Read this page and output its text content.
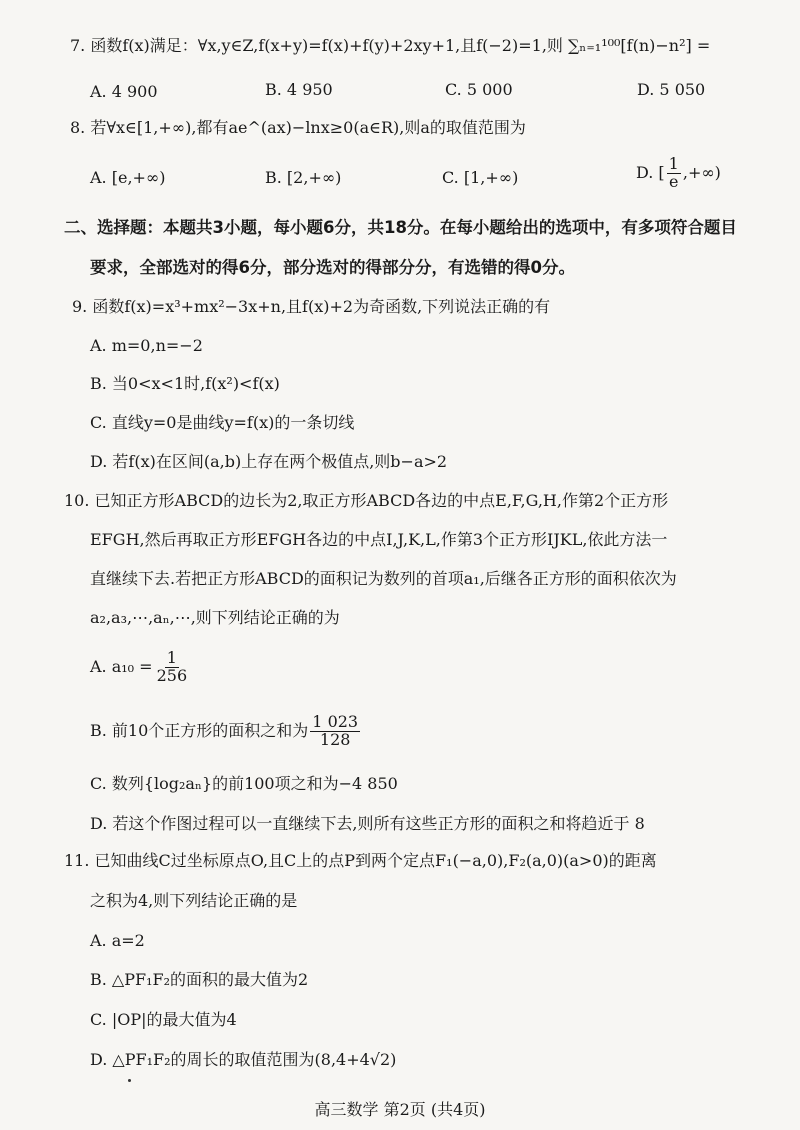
7. 函数f(x)满足：∀x,y∈Z,f(x+y)=f(x)+f(y)+2xy+1,且f(−2)=1,则 ∑ₙ₌₁¹⁰⁰[f(n)−n²] =
A. 4 900	B. 4 950	C. 5 000	D. 5 050
8. 若∀x∈[1,+∞),都有ae^(ax)−lnx≥0(a∈R),则a的取值范围为
A. [e,+∞)	B. [2,+∞)	C. [1,+∞)	D. [ $\frac{1}{e}$ ,+∞)
二、选择题：本题共3小题，每小题6分，共18分。在每小题给出的选项中，有多项符合题目
要求，全部选对的得6分，部分选对的得部分分，有选错的得0分。
9. 函数f(x)=x³+mx²−3x+n,且f(x)+2为奇函数,下列说法正确的有
A. m=0,n=−2
B. 当0<x<1时,f(x²)<f(x)
C. 直线y=0是曲线y=f(x)的一条切线
D. 若f(x)在区间(a,b)上存在两个极值点,则b−a>2
10. 已知正方形ABCD的边长为2,取正方形ABCD各边的中点E,F,G,H,作第2个正方形
EFGH,然后再取正方形EFGH各边的中点I,J,K,L,作第3个正方形IJKL,依此方法一
直继续下去.若把正方形ABCD的面积记为数列的首项a₁,后继各正方形的面积依次为
a₂,a₃,⋯,aₙ,⋯,则下列结论正确的为
A. $a_{10} = \frac{1}{256}$
B. 前10个正方形的面积之和为 $\frac{1 023}{128}$
C. 数列{log₂aₙ}的前100项之和为−4 850
D. 若这个作图过程可以一直继续下去,则所有这些正方形的面积之和将趋近于 8
11. 已知曲线C过坐标原点O,且C上的点P到两个定点F₁(−a,0),F₂(a,0)(a>0)的距离
之积为4,则下列结论正确的是
A. a=2
B. △PF₁F₂的面积的最大值为2
C. |OP|的最大值为4
D. △PF₁F₂的周长的取值范围为(8,4+4√2)
高三数学 第2页 (共4页)
